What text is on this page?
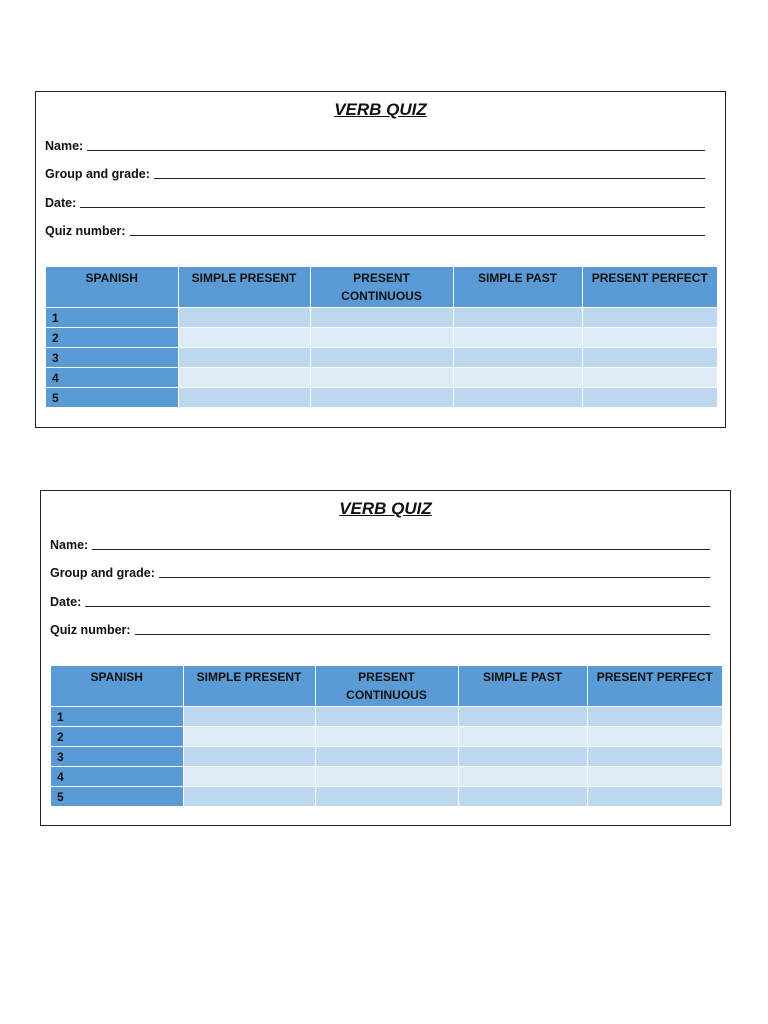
VERB QUIZ
Name:
Group and grade:
Date:
Quiz number:
SPANISH	SIMPLE PRESENT	PRESENT CONTINUOUS	SIMPLE PAST	PRESENT PERFECT
1				
2				
3				
4				
5				
VERB QUIZ
Name:
Group and grade:
Date:
Quiz number:
SPANISH	SIMPLE PRESENT	PRESENT CONTINUOUS	SIMPLE PAST	PRESENT PERFECT
1				
2				
3				
4				
5				
